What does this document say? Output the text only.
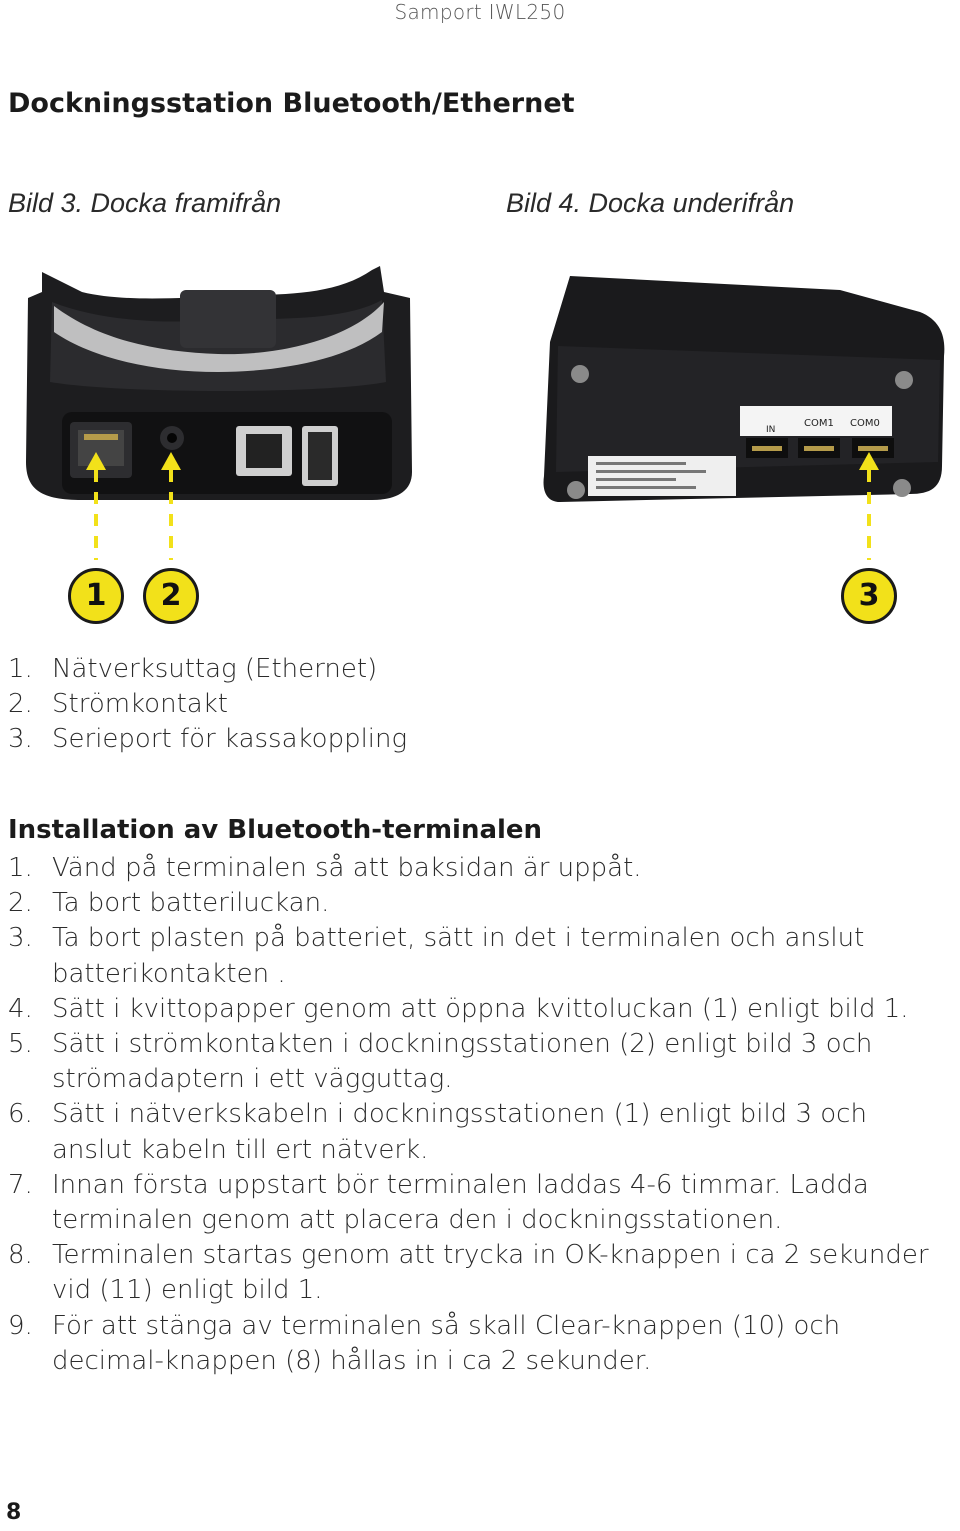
Samport IWL250
Dockningsstation Bluetooth/Ethernet
Bild 3. Docka framifrån	Bild 4. Docka underifrån
IN
COM1 COM0
1	2	3
1. Nätverksuttag (Ethernet)
2. Strömkontakt
3. Serieport för kassakoppling
Installation av Bluetooth-terminalen
1. Vänd på terminalen så att baksidan är uppåt.
2. Ta bort batteriluckan.
3. Ta bort plasten på batteriet, sätt in det i terminalen och anslut batterikontakten .
4. Sätt i kvittopapper genom att öppna kvittoluckan (1) enligt bild 1.
5. Sätt i strömkontakten i dockningsstationen (2) enligt bild 3 och strömadaptern i ett vägguttag.
6. Sätt i nätverkskabeln i dockningsstationen (1) enligt bild 3 och anslut kabeln till ert nätverk.
7. Innan första uppstart bör terminalen laddas 4-6 timmar. Ladda terminalen genom att placera den i dockningsstationen.
8. Terminalen startas genom att trycka in OK-knappen i ca 2 sekunder vid (11) enligt bild 1.
9. För att stänga av terminalen så skall Clear-knappen (10) och decimal-knappen (8) hållas in i ca 2 sekunder.
8
